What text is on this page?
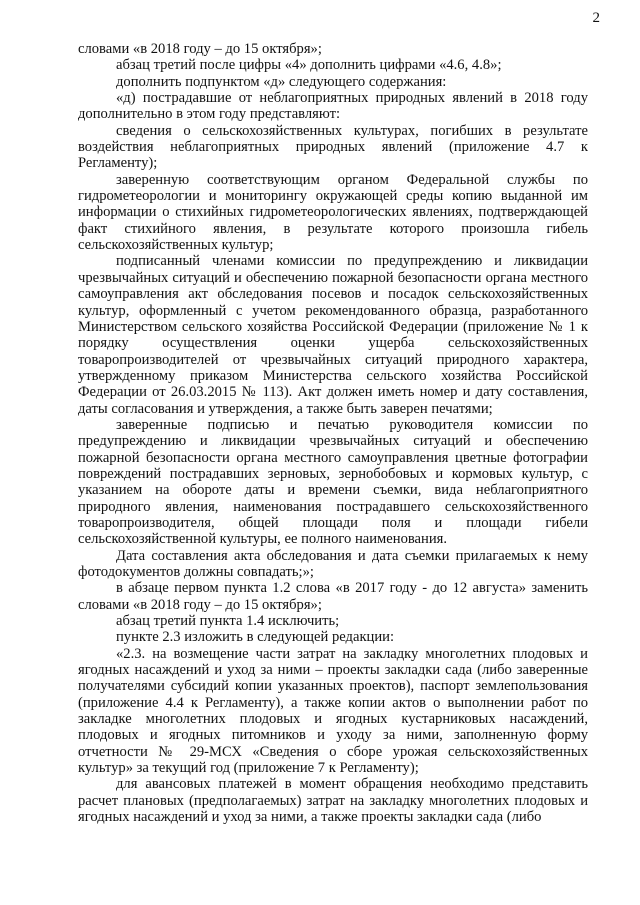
2

словами «в 2018 году – до 15 октября»;

абзац третий после цифры «4» дополнить цифрами «4.6, 4.8»;

дополнить подпунктом «д» следующего содержания:

«д) пострадавшие от неблагоприятных природных явлений в 2018 году дополнительно в этом году представляют:

сведения о сельскохозяйственных культурах, погибших в результате воздействия неблагоприятных природных явлений (приложение 4.7 к Регламенту);

заверенную соответствующим органом Федеральной службы по гидрометеорологии и мониторингу окружающей среды копию выданной им информации о стихийных гидрометеорологических явлениях, подтверждающей факт стихийного явления, в результате которого произошла гибель сельскохозяйственных культур;

подписанный членами комиссии по предупреждению и ликвидации чрезвычайных ситуаций и обеспечению пожарной безопасности органа местного самоуправления акт обследования посевов и посадок сельскохозяйственных культур, оформленный с учетом рекомендованного образца, разработанного Министерством сельского хозяйства Российской Федерации (приложение № 1 к порядку осуществления оценки ущерба сельскохозяйственных товаропроизводителей от чрезвычайных ситуаций природного характера, утвержденному приказом Министерства сельского хозяйства Российской Федерации от 26.03.2015 № 113). Акт должен иметь номер и дату составления, даты согласования и утверждения, а также быть заверен печатями;

заверенные подписью и печатью руководителя комиссии по предупреждению и ликвидации чрезвычайных ситуаций и обеспечению пожарной безопасности органа местного самоуправления цветные фотографии повреждений пострадавших зерновых, зернобобовых и кормовых культур, с указанием на обороте даты и времени съемки, вида неблагоприятного природного явления, наименования пострадавшего сельскохозяйственного товаропроизводителя, общей площади поля и площади гибели сельскохозяйственной культуры, ее полного наименования.

Дата составления акта обследования и дата съемки прилагаемых к нему фотодокументов должны совпадать;»;

в абзаце первом пункта 1.2 слова «в 2017 году - до 12 августа» заменить словами «в 2018 году – до 15 октября»;

абзац третий пункта 1.4 исключить;

пункте 2.3 изложить в следующей редакции:

«2.3. на возмещение части затрат на закладку многолетних плодовых и ягодных насаждений и уход за ними – проекты закладки сада (либо заверенные получателями субсидий копии указанных проектов), паспорт землепользования (приложение 4.4 к Регламенту), а также копии актов о выполнении работ по закладке многолетних плодовых и ягодных кустарниковых насаждений, плодовых и ягодных питомников и уходу за ними, заполненную форму отчетности № 29-МСХ «Сведения о сборе урожая сельскохозяйственных культур» за текущий год (приложение 7 к Регламенту);

для авансовых платежей в момент обращения необходимо представить расчет плановых (предполагаемых) затрат на закладку многолетних плодовых и ягодных насаждений и уход за ними, а также проекты закладки сада (либо
